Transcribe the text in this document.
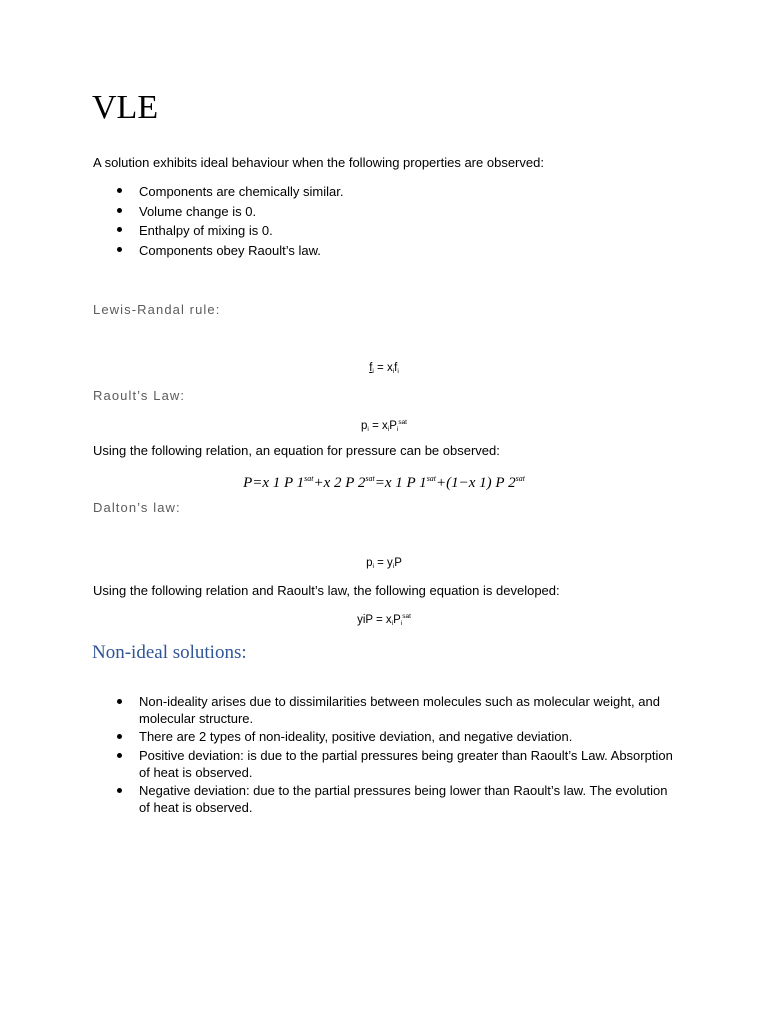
VLE

A solution exhibits ideal behaviour when the following properties are observed:

Components are chemically similar.
Volume change is 0.
Enthalpy of mixing is 0.
Components obey Raoult’s law.
Lewis-Randal rule:

$f_i = x_if_i$

Raoult’s Law:

$p_i = x_iP_i^{sat}$

Using the following relation, an equation for pressure can be observed:

P=x 1 P $1^{sat}+x$ 2 P $2^{sat}=x$ 1 P $1^{sat}+(1-x$ 1) P $2^{sat}$

Dalton’s law:

$p_i = y_iP$

Using the following relation and Raoult’s law, the following equation is developed:

yiP = $x_iP_i^{sat}$

Non-ideal solutions:
Non-ideality arises due to dissimilarities between molecules such as molecular weight, and molecular structure.
There are 2 types of non-ideality, positive deviation, and negative deviation.
Positive deviation: is due to the partial pressures being greater than Raoult’s Law. Absorption of heat is observed.
Negative deviation: due to the partial pressures being lower than Raoult’s law. The evolution of heat is observed.
